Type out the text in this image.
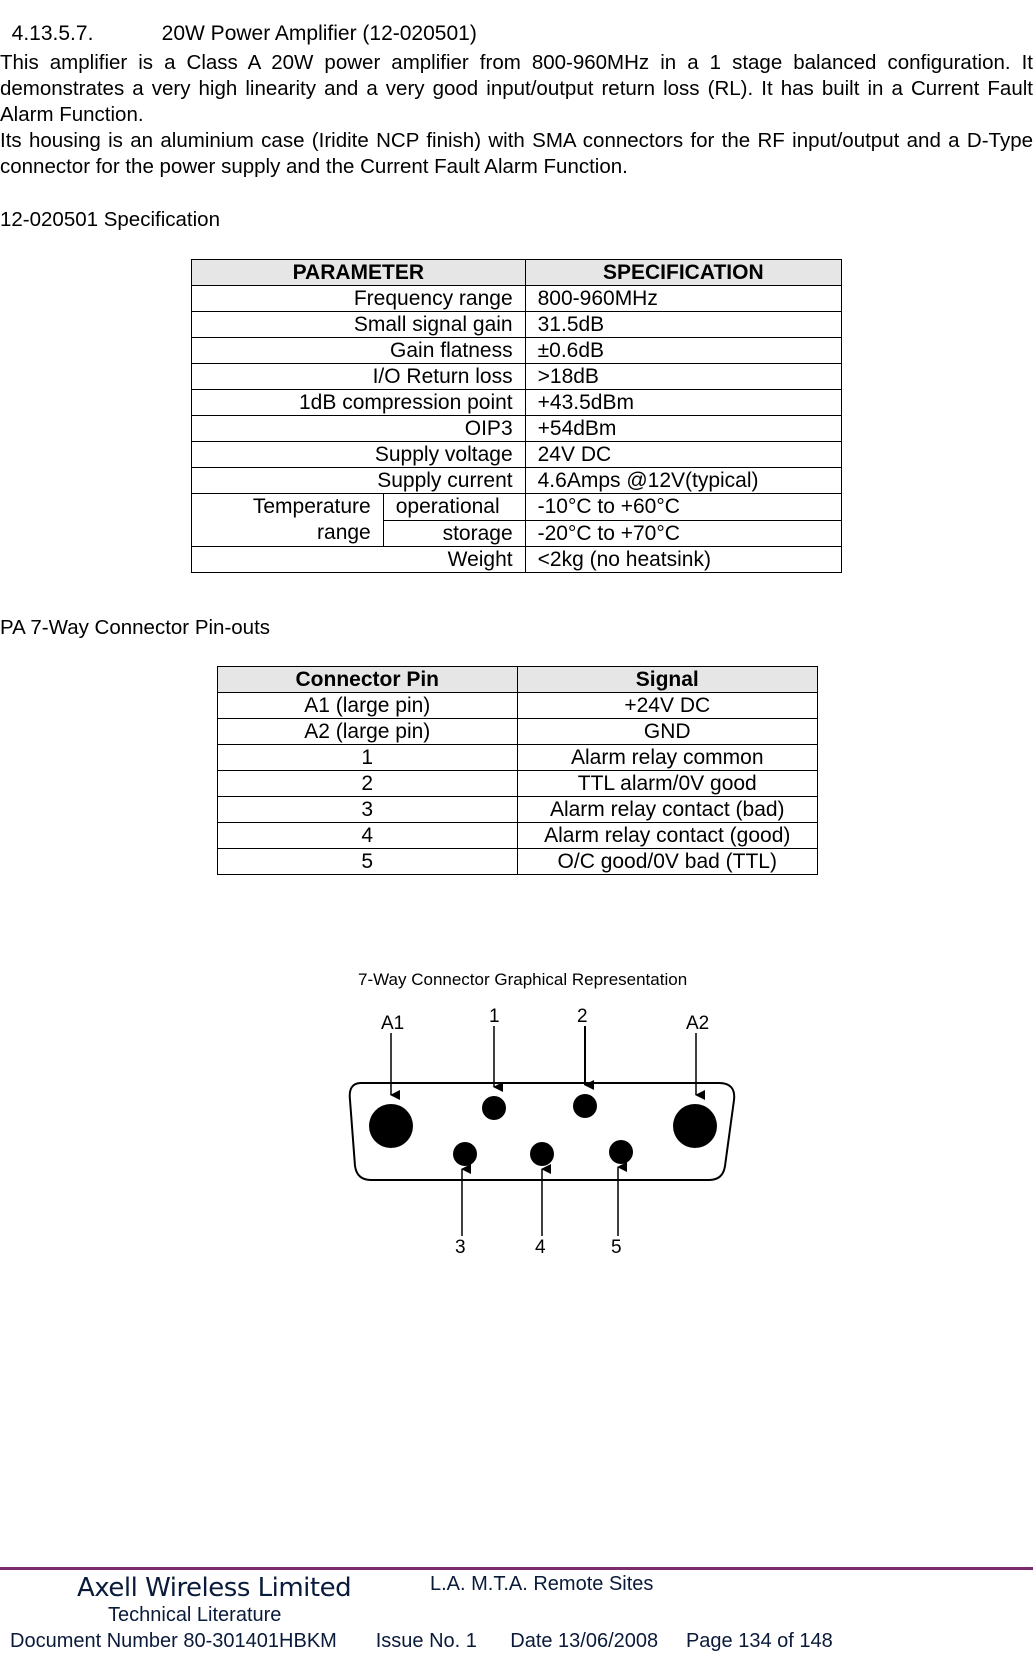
4.13.5.7.	20W Power Amplifier (12-020501)

This amplifier is a Class A 20W power amplifier from 800-960MHz in a 1 stage balanced configuration. It demonstrates a very high linearity and a very good input/output return loss (RL). It has built in a Current Fault Alarm Function.
Its housing is an aluminium case (Iridite NCP finish) with SMA connectors for the RF input/output and a D-Type connector for the power supply and the Current Fault Alarm Function.
12-020501 Specification
PARAMETER		SPECIFICATION
Frequency range		800-960MHz
Small signal gain		31.5dB
Gain flatness		±0.6dB
I/O Return loss		>18dB
1dB compression point		+43.5dBm
OIP3		+54dBm
Supply voltage		24V DC
Supply current		4.6Amps @12V(typical)

Temperature
range	operational	-10°C to +60°C
	storage	-20°C to +70°C
Weight		<2kg (no heatsink)
PA 7-Way Connector Pin-outs
Connector Pin	Signal
A1 (large pin)	+24V DC
A2 (large pin)	GND
1	Alarm relay common
2	TTL alarm/0V good
3	Alarm relay contact (bad)
4	Alarm relay contact (good)
5	O/C good/0V bad (TTL)
7-Way Connector Graphical Representation
A1	1	2	A2
3	4	5
Axell Wireless Limited	L.A. M.T.A. Remote Sites
Technical Literature
Document Number 80-301401HBKM Issue No. 1 Date 13/06/2008 Page 134 of 148
